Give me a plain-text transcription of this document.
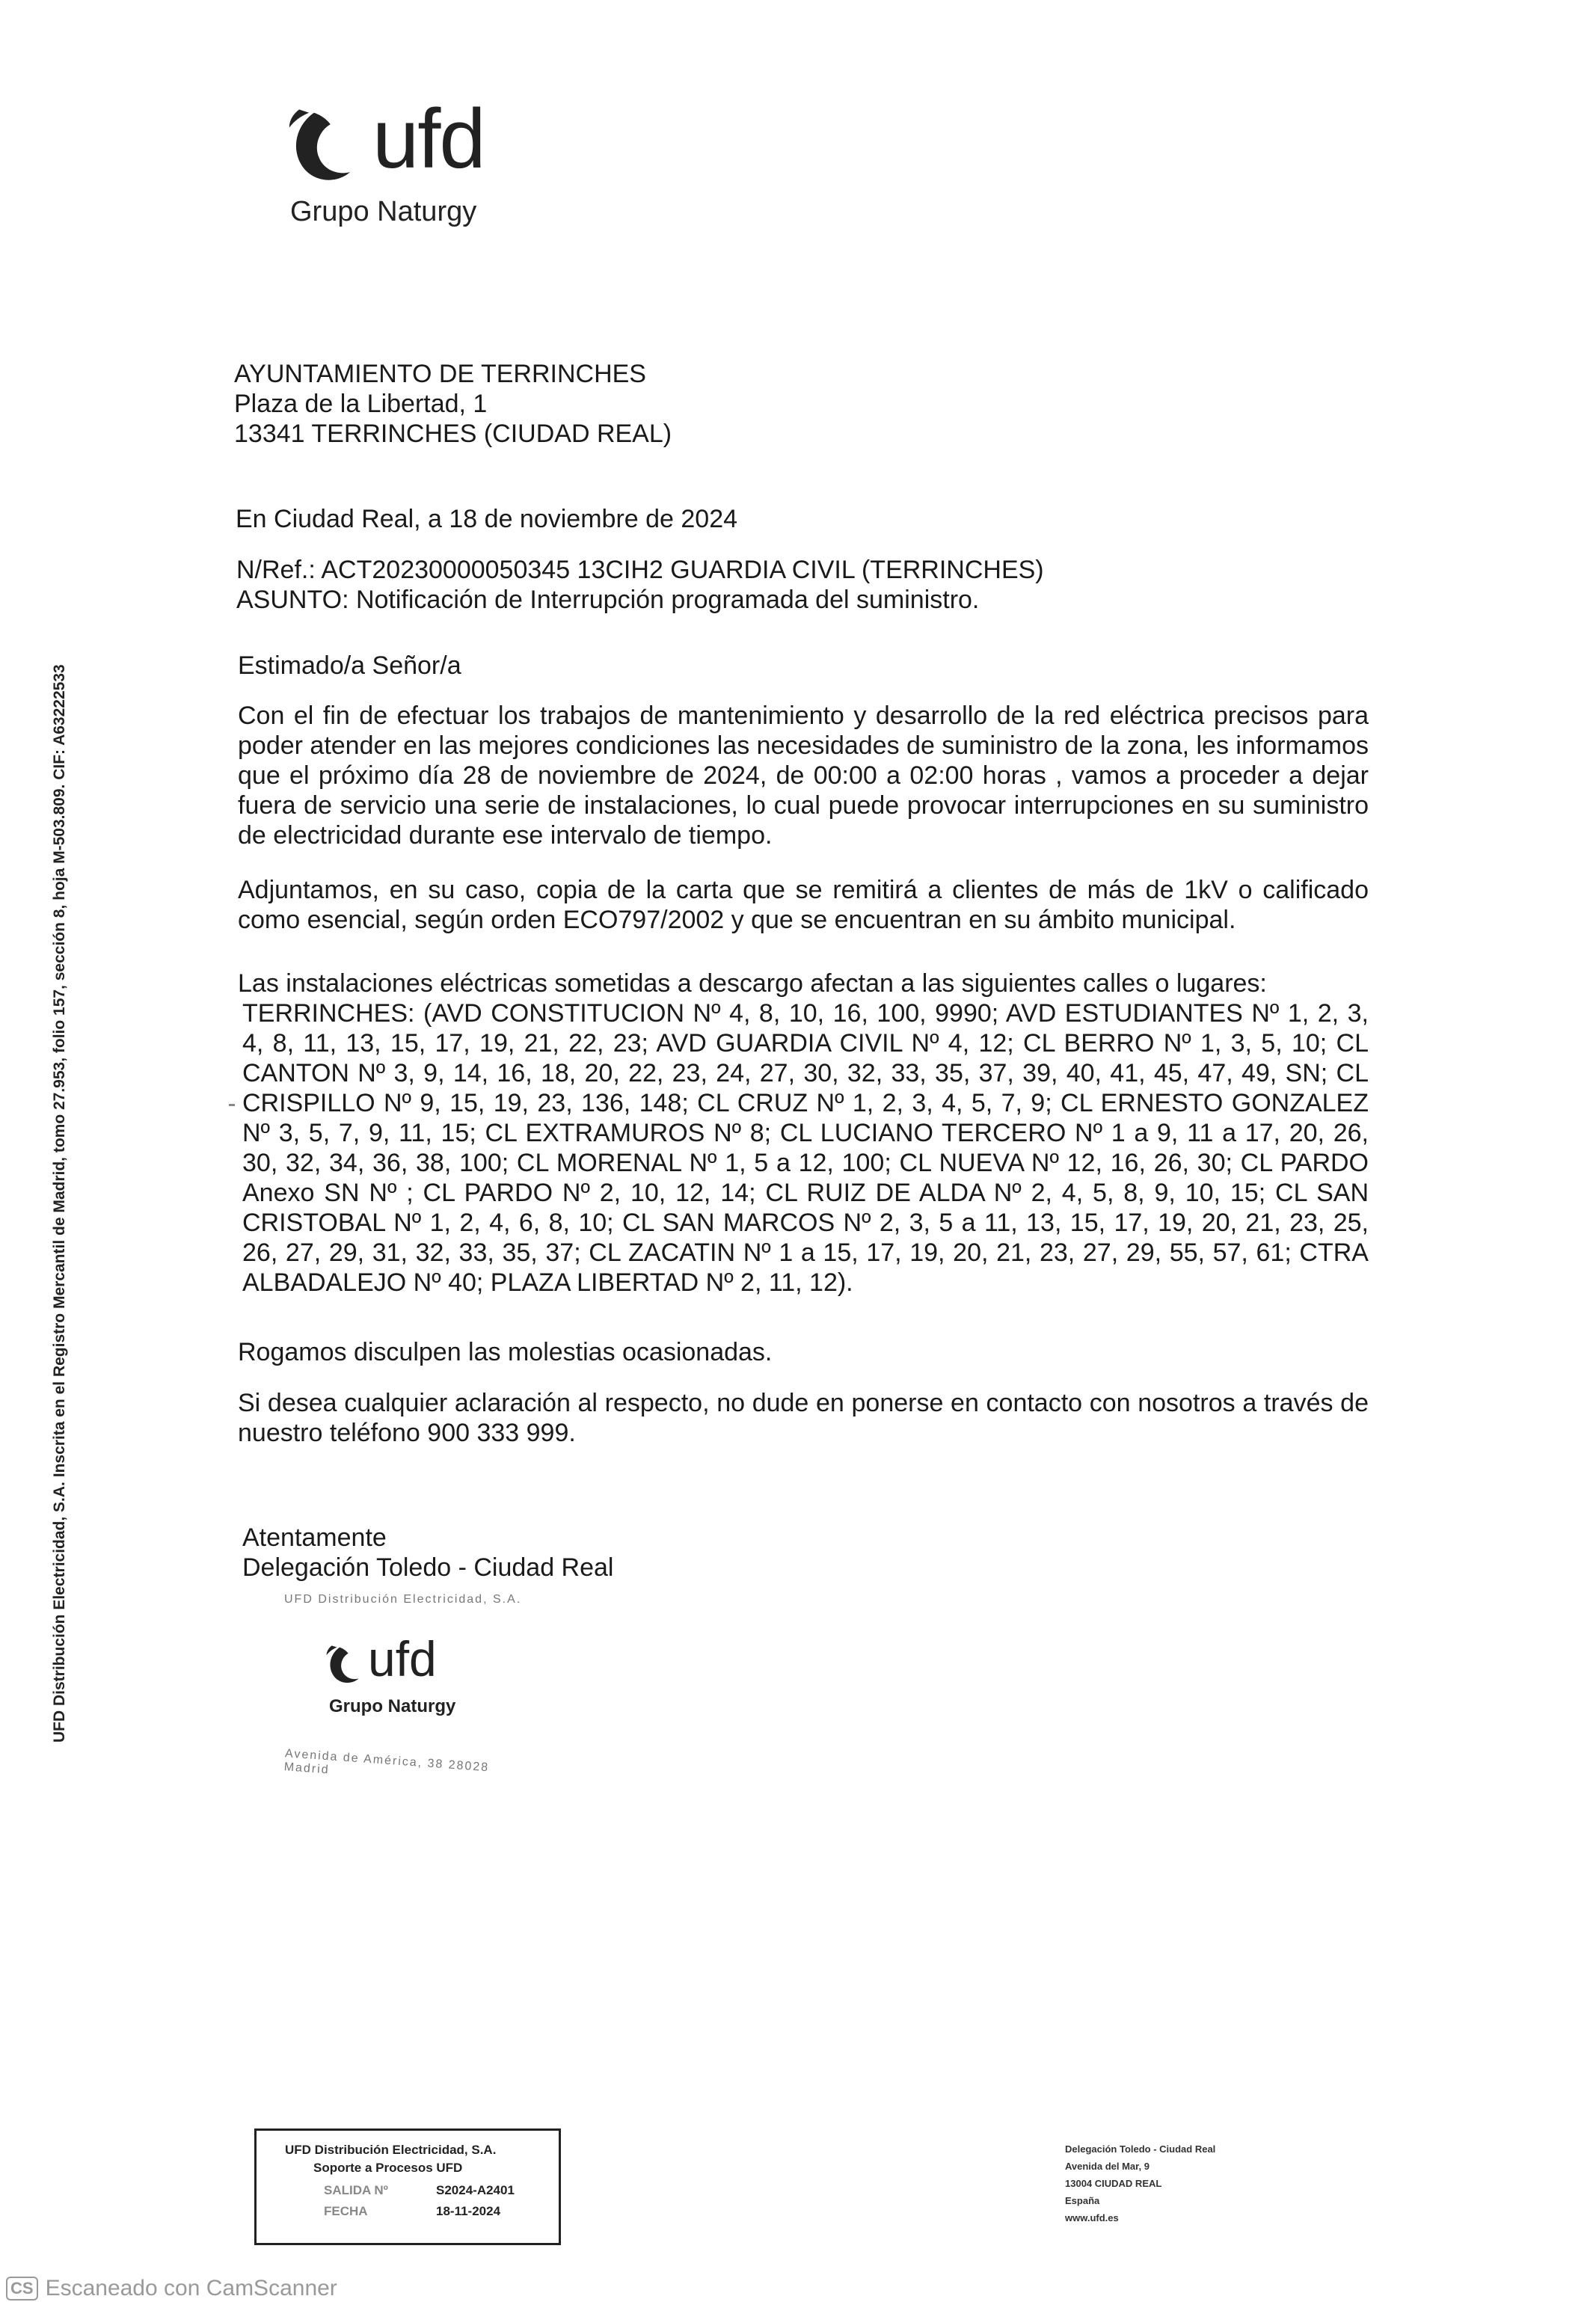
ufd
Grupo Naturgy
UFD Distribución Electricidad, S.A. Inscrita en el Registro Mercantil de Madrid, tomo 27.953, folio 157, sección 8, hoja M-503.809. CIF: A63222533
AYUNTAMIENTO DE TERRINCHES
Plaza de la Libertad, 1
13341 TERRINCHES (CIUDAD REAL)
En Ciudad Real, a 18 de noviembre de 2024
N/Ref.: ACT20230000050345 13CIH2 GUARDIA CIVIL (TERRINCHES)
ASUNTO: Notificación de Interrupción programada del suministro.
Estimado/a Señor/a
Con el fin de efectuar los trabajos de mantenimiento y desarrollo de la red eléctrica precisos para poder atender en las mejores condiciones las necesidades de suministro de la zona, les informamos que el próximo día 28 de noviembre de 2024, de 00:00 a 02:00 horas , vamos a proceder a dejar fuera de servicio una serie de instalaciones, lo cual puede provocar interrupciones en su suministro de electricidad durante ese intervalo de tiempo.
Adjuntamos, en su caso, copia de la carta que se remitirá a clientes de más de 1kV o calificado como esencial, según orden ECO797/2002 y que se encuentran en su ámbito municipal.
Las instalaciones eléctricas sometidas a descargo afectan a las siguientes calles o lugares:
TERRINCHES: (AVD CONSTITUCION Nº 4, 8, 10, 16, 100, 9990; AVD ESTUDIANTES Nº 1, 2, 3, 4, 8, 11, 13, 15, 17, 19, 21, 22, 23; AVD GUARDIA CIVIL Nº 4, 12; CL BERRO Nº 1, 3, 5, 10; CL CANTON Nº 3, 9, 14, 16, 18, 20, 22, 23, 24, 27, 30, 32, 33, 35, 37, 39, 40, 41, 45, 47, 49, SN; CL CRISPILLO Nº 9, 15, 19, 23, 136, 148; CL CRUZ Nº 1, 2, 3, 4, 5, 7, 9; CL ERNESTO GONZALEZ Nº 3, 5, 7, 9, 11, 15; CL EXTRAMUROS Nº 8; CL LUCIANO TERCERO Nº 1 a 9, 11 a 17, 20, 26, 30, 32, 34, 36, 38, 100; CL MORENAL Nº 1, 5 a 12, 100; CL NUEVA Nº 12, 16, 26, 30; CL PARDO Anexo SN Nº ; CL PARDO Nº 2, 10, 12, 14; CL RUIZ DE ALDA Nº 2, 4, 5, 8, 9, 10, 15; CL SAN CRISTOBAL Nº 1, 2, 4, 6, 8, 10; CL SAN MARCOS Nº 2, 3, 5 a 11, 13, 15, 17, 19, 20, 21, 23, 25, 26, 27, 29, 31, 32, 33, 35, 37; CL ZACATIN Nº 1 a 15, 17, 19, 20, 21, 23, 27, 29, 55, 57, 61; CTRA ALBADALEJO Nº 40; PLAZA LIBERTAD Nº 2, 11, 12).
Rogamos disculpen las molestias ocasionadas.
Si desea cualquier aclaración al respecto, no dude en ponerse en contacto con nosotros a través de nuestro teléfono 900 333 999.
Atentamente
Delegación Toledo - Ciudad Real
UFD Distribución Electricidad, S.A.
ufd
Grupo Naturgy
Avenida de América, 38 28028 Madrid
UFD Distribución Electricidad, S.A.
Soporte a Procesos UFD
SALIDA Nº	S2024-A2401
FECHA	18-11-2024
Delegación Toledo - Ciudad Real
Avenida del Mar, 9
13004 CIUDAD REAL
España
www.ufd.es
CS Escaneado con CamScanner
